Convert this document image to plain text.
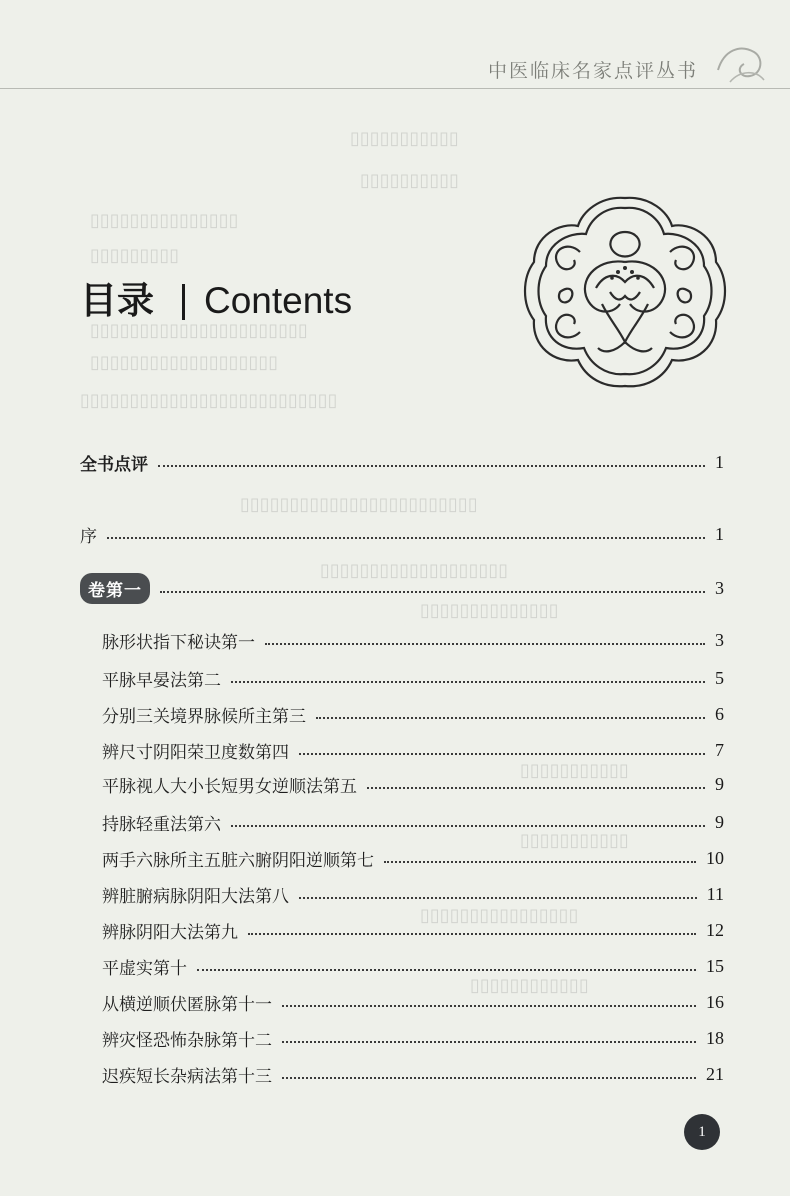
▯▯▯▯▯▯▯▯▯▯▯
▯▯▯▯▯▯▯▯▯▯
▯▯▯▯▯▯▯▯▯▯▯▯▯▯▯
▯▯▯▯▯▯▯▯▯
▯▯▯▯▯▯▯▯▯▯▯▯▯▯▯▯▯▯▯▯▯▯
▯▯▯▯▯▯▯▯▯▯▯▯▯▯▯▯▯▯▯
▯▯▯▯▯▯▯▯▯▯▯▯▯▯▯▯▯▯▯▯▯▯▯▯▯▯
▯▯▯▯▯▯▯▯▯▯▯▯▯▯▯▯▯▯▯▯▯▯▯▯
▯▯▯▯▯▯▯▯▯▯▯▯▯▯▯▯▯▯▯
▯▯▯▯▯▯▯▯▯▯▯▯▯▯
▯▯▯▯▯▯▯▯▯▯▯
▯▯▯▯▯▯▯▯▯▯▯
▯▯▯▯▯▯▯▯▯▯▯▯▯▯▯▯
▯▯▯▯▯▯▯▯▯▯▯▯
中医临床名家点评丛书
目录 Contents
全书点评	1
序	1
卷第一	3
脉形状指下秘诀第一	3
平脉早晏法第二	5
分别三关境界脉候所主第三	6
辨尺寸阴阳荣卫度数第四	7
平脉视人大小长短男女逆顺法第五	9
持脉轻重法第六	9
两手六脉所主五脏六腑阴阳逆顺第七	10
辨脏腑病脉阴阳大法第八	11
辨脉阴阳大法第九	12
平虚实第十	15
从横逆顺伏匿脉第十一	16
辨灾怪恐怖杂脉第十二	18
迟疾短长杂病法第十三	21
1
